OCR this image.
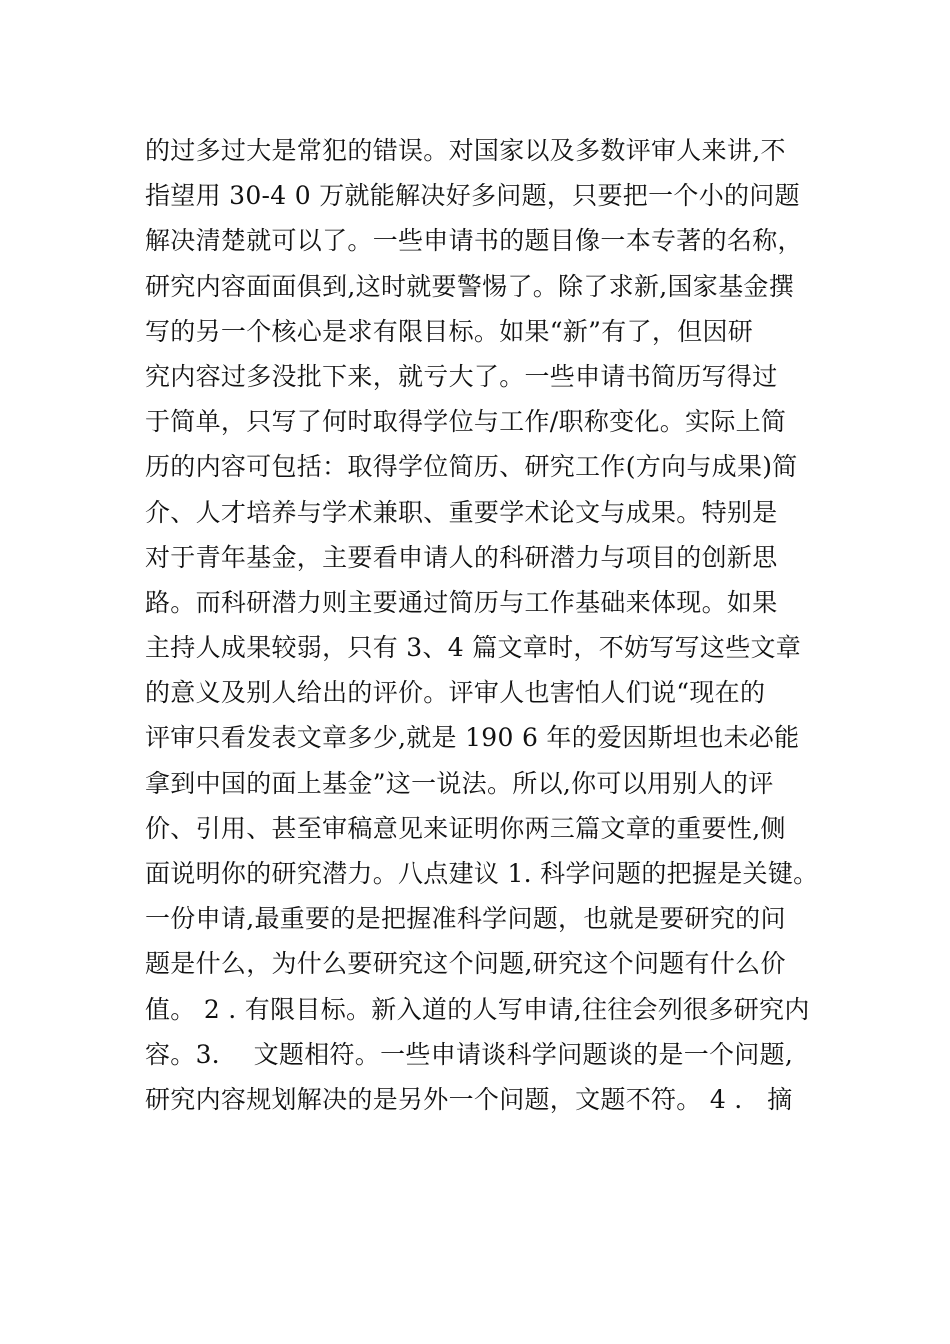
的过多过大是常犯的错误。对国家以及多数评审人来讲,不
指望用 30-4 0 万就能解决好多问题，只要把一个小的问题
解决清楚就可以了。一些申请书的题目像一本专著的名称，
研究内容面面俱到,这时就要警惕了。除了求新,国家基金撰
写的另一个核心是求有限目标。如果“新”有了，但因研
究内容过多没批下来，就亏大了。一些申请书简历写得过
于简单，只写了何时取得学位与工作/职称变化。实际上简
历的内容可包括：取得学位简历、研究工作(方向与成果)简
介、人才培养与学术兼职、重要学术论文与成果。特别是
对于青年基金，主要看申请人的科研潜力与项目的创新思
路。而科研潜力则主要通过简历与工作基础来体现。如果
主持人成果较弱，只有 3、4 篇文章时，不妨写写这些文章
的意义及别人给出的评价。评审人也害怕人们说“现在的
评审只看发表文章多少,就是 190 6 年的爱因斯坦也未必能
拿到中国的面上基金”这一说法。所以,你可以用别人的评
价、引用、甚至审稿意见来证明你两三篇文章的重要性,侧
面说明你的研究潜力。八点建议 1. 科学问题的把握是关键。
一份申请,最重要的是把握准科学问题，也就是要研究的问
题是什么，为什么要研究这个问题,研究这个问题有什么价
值。 2 . 有限目标。新入道的人写申请,往往会列很多研究内
容。3．  文题相符。一些申请谈科学问题谈的是一个问题,
研究内容规划解决的是另外一个问题，文题不符。 4 .   摘
